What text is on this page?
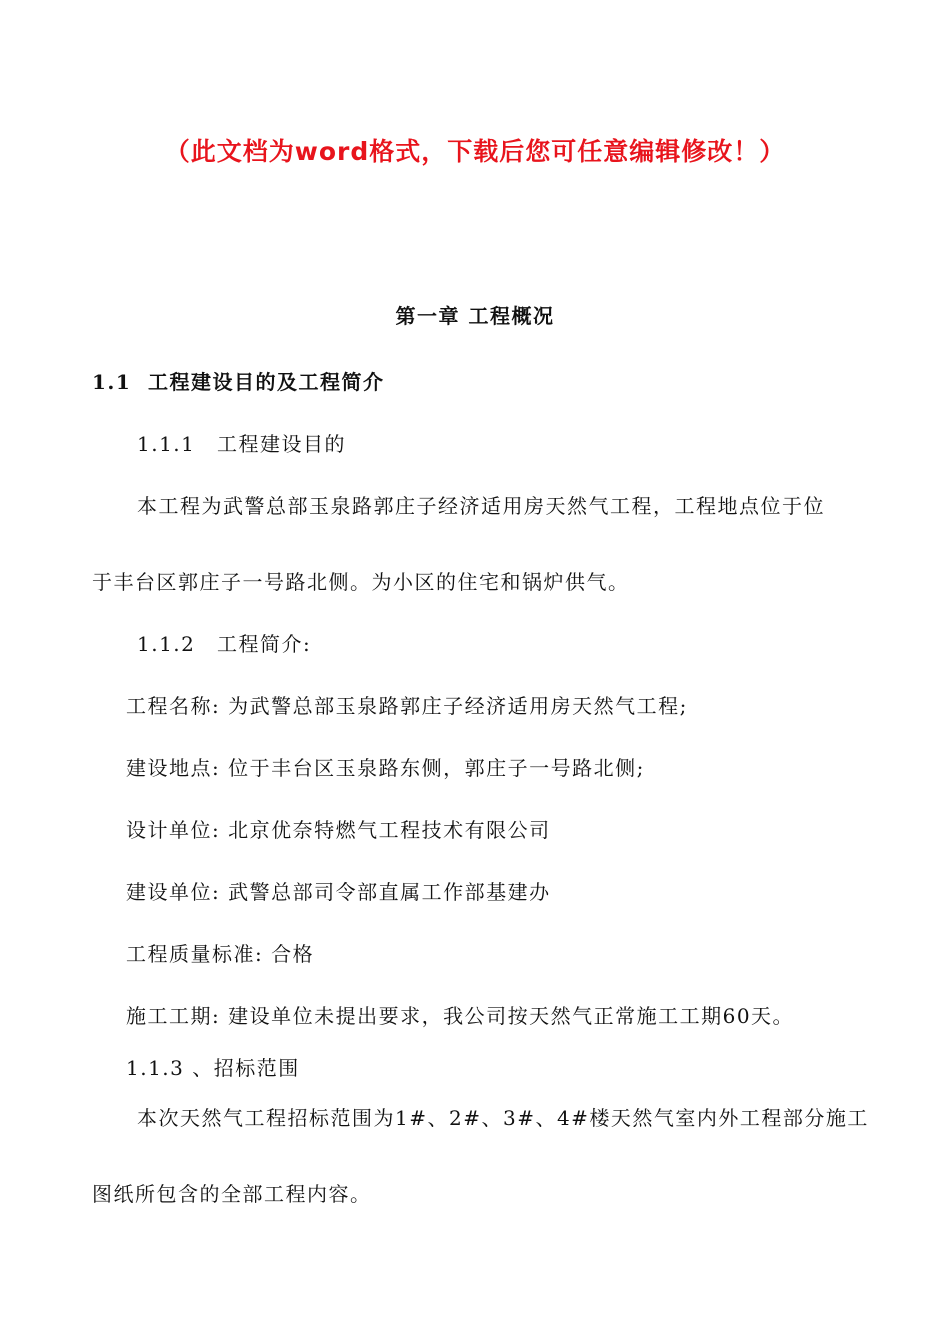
（此文档为word格式，下载后您可任意编辑修改！）
第一章 工程概况
1.1 工程建设目的及工程简介
1.1.1 工程建设目的
本工程为武警总部玉泉路郭庄子经济适用房天然气工程，工程地点位于位
于丰台区郭庄子一号路北侧。为小区的住宅和锅炉供气。
1.1.2 工程简介:
工程名称: 为武警总部玉泉路郭庄子经济适用房天然气工程;
建设地点: 位于丰台区玉泉路东侧，郭庄子一号路北侧;
设计单位: 北京优奈特燃气工程技术有限公司
建设单位: 武警总部司令部直属工作部基建办
工程质量标准: 合格
施工工期: 建设单位未提出要求，我公司按天然气正常施工工期60天。
1.1.3 、招标范围
本次天然气工程招标范围为1#、2#、3#、4#楼天然气室内外工程部分施工
图纸所包含的全部工程内容。
